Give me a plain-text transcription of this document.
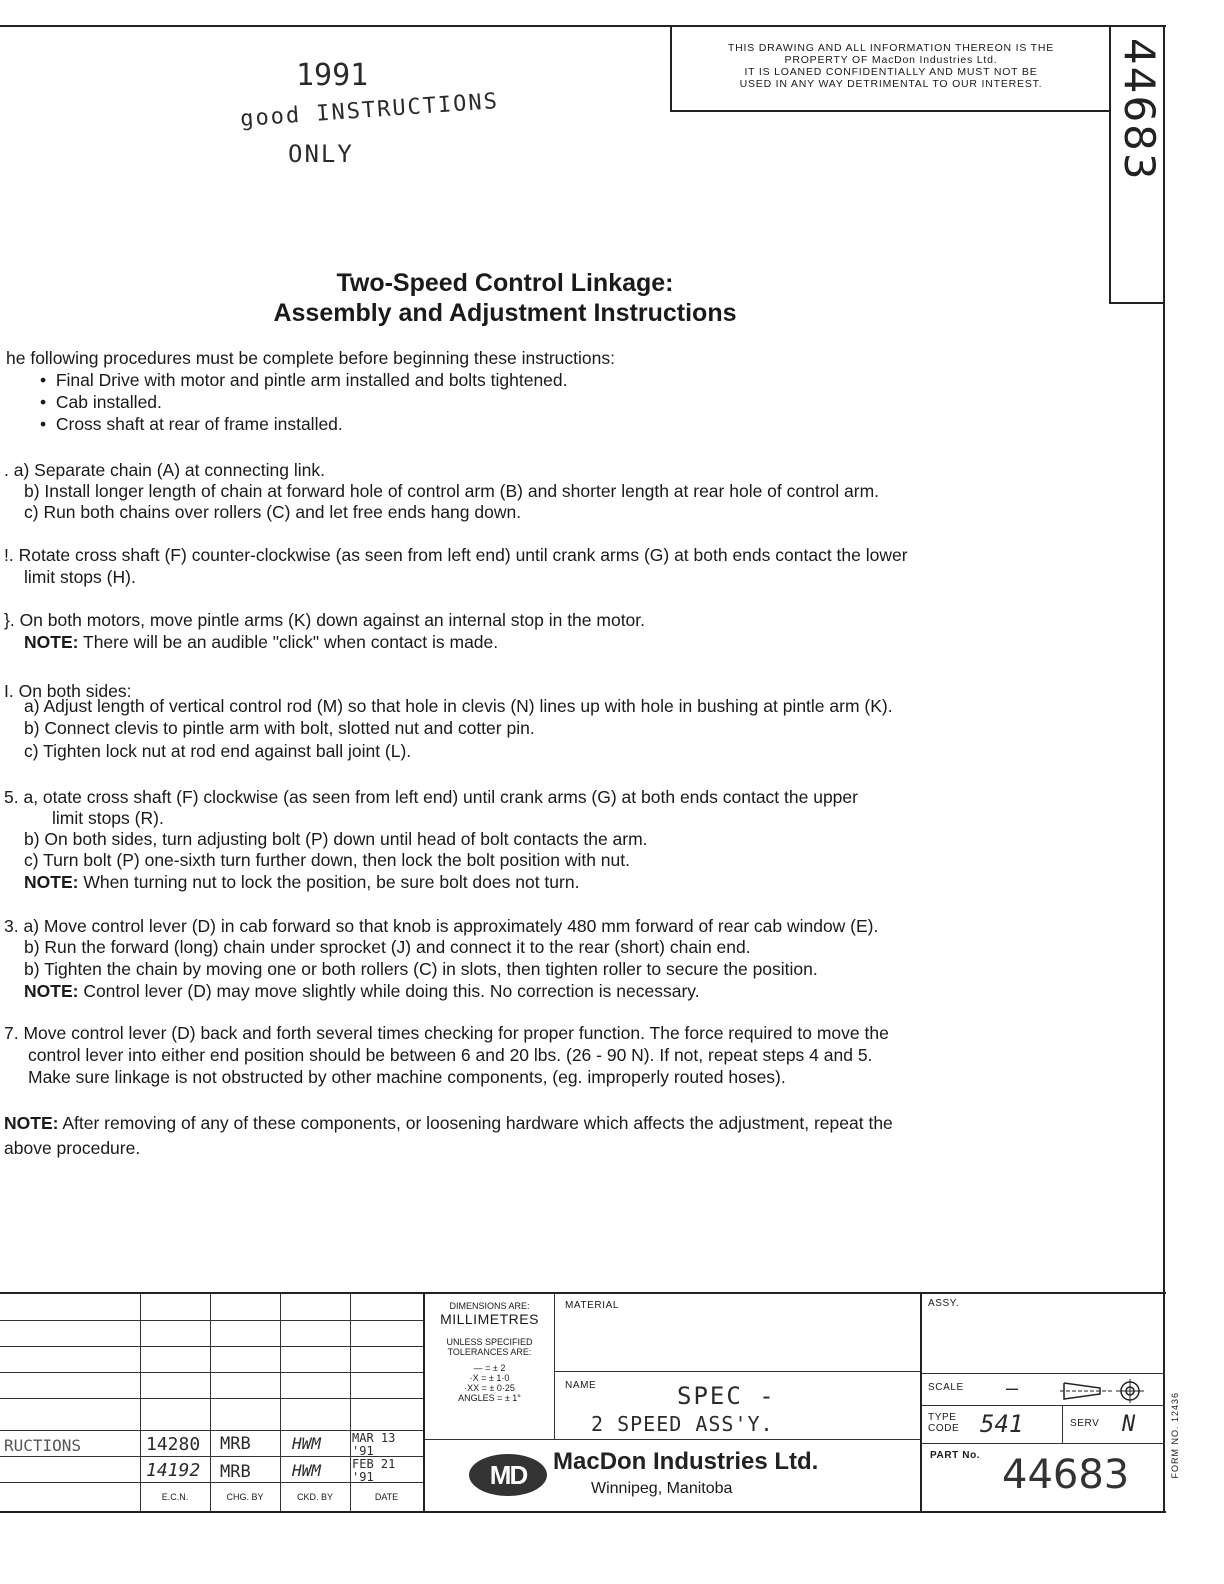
1991
good INSTRUCTIONS
ONLY
THIS DRAWING AND ALL INFORMATION THEREON IS THE
PROPERTY OF MacDon Industries Ltd.
IT IS LOANED CONFIDENTIALLY AND MUST NOT BE
USED IN ANY WAY DETRIMENTAL TO OUR INTEREST.	44683
Two-Speed Control Linkage:
Assembly and Adjustment Instructions
he following procedures must be complete before beginning these instructions:
•  Final Drive with motor and pintle arm installed and bolts tightened.
•  Cab installed.
•  Cross shaft at rear of frame installed.
. a) Separate chain (A) at connecting link.
b) Install longer length of chain at forward hole of control arm (B) and shorter length at rear hole of control arm.
c) Run both chains over rollers (C) and let free ends hang down.
!. Rotate cross shaft (F) counter-clockwise (as seen from left end) until crank arms (G) at both ends contact the lower
limit stops (H).
}. On both motors, move pintle arms (K) down against an internal stop in the motor.
NOTE: There will be an audible "click" when contact is made.
I. On both sides:
a) Adjust length of vertical control rod (M) so that hole in clevis (N) lines up with hole in bushing at pintle arm (K).
b) Connect clevis to pintle arm with bolt, slotted nut and cotter pin.
c) Tighten lock nut at rod end against ball joint (L).
5. a, otate cross shaft (F) clockwise (as seen from left end) until crank arms (G) at both ends contact the upper
limit stops (R).
b) On both sides, turn adjusting bolt (P) down until head of bolt contacts the arm.
c) Turn bolt (P) one-sixth turn further down, then lock the bolt position with nut.
NOTE: When turning nut to lock the position, be sure bolt does not turn.
3. a) Move control lever (D) in cab forward so that knob is approximately 480 mm forward of rear cab window (E).
b) Run the forward (long) chain under sprocket (J) and connect it to the rear (short) chain end.
b) Tighten the chain by moving one or both rollers (C) in slots, then tighten roller to secure the position.
NOTE: Control lever (D) may move slightly while doing this. No correction is necessary.
7. Move control lever (D) back and forth several times checking for proper function. The force required to move the
control lever into either end position should be between 6 and 20 lbs. (26 - 90 N). If not, repeat steps 4 and 5.
Make sure linkage is not obstructed by other machine components, (eg. improperly routed hoses).
NOTE: After removing of any of these components, or loosening hardware which affects the adjustment, repeat the
above procedure.
RUCTIONS	14280 MRB	HWM	MAR 13 '91
14192 MRB	HWM	FEB 21 '91
E.C.N.	CHG. BY	CKD. BY	DATE
DIMENSIONS ARE:
MILLIMETRES
UNLESS SPECIFIED
TOLERANCES ARE:
— = ± 2
·X = ± 1·0
·XX = ± 0·25
ANGLES = ± 1°
MATERIAL
NAME	SPEC -
2 SPEED ASS'Y.
MD	MacDon Industries Ltd.
Winnipeg, Manitoba
ASSY.
SCALE —
TYPE
CODE 541	SERV N
PART No. 44683	FORM NO. 12436
